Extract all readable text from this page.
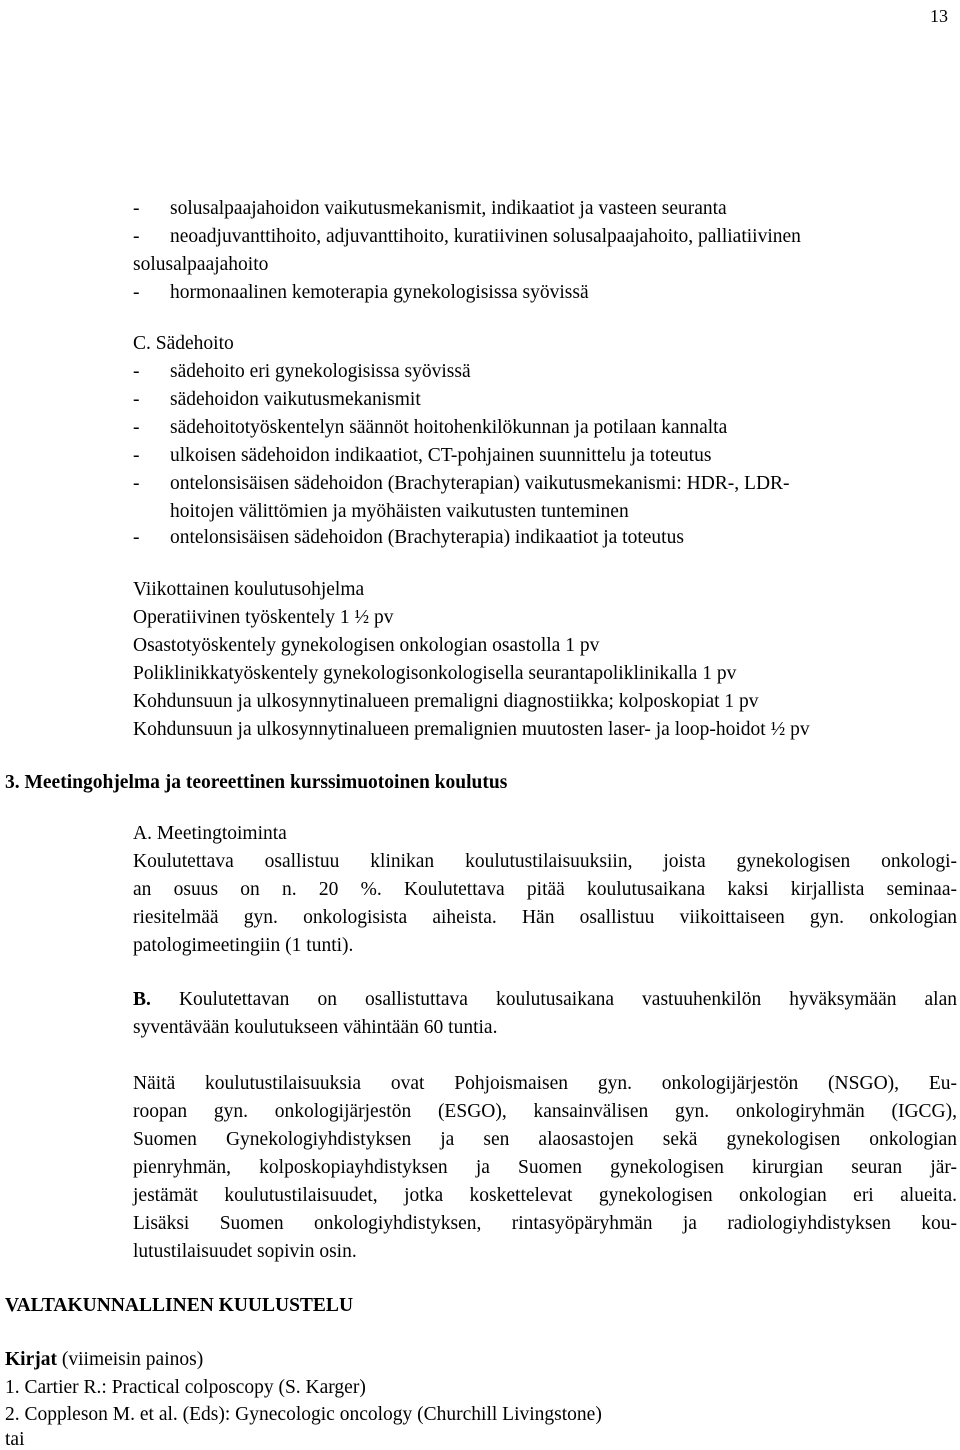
13
- solusalpaajahoidon vaikutusmekanismit, indikaatiot ja vasteen seuranta
- neoadjuvanttihoito, adjuvanttihoito, kuratiivinen solusalpaajahoito, palliatiivinen
solusalpaajahoito
- hormonaalinen kemoterapia gynekologisissa syövissä
C. Sädehoito
- sädehoito eri gynekologisissa syövissä
- sädehoidon vaikutusmekanismit
- sädehoitotyöskentelyn säännöt hoitohenkilökunnan ja potilaan kannalta
- ulkoisen sädehoidon indikaatiot, CT-pohjainen suunnittelu ja toteutus
- ontelonsisäisen sädehoidon (Brachyterapian) vaikutusmekanismi: HDR-, LDR-
hoitojen välittömien ja myöhäisten vaikutusten tunteminen
- ontelonsisäisen sädehoidon (Brachyterapia) indikaatiot ja toteutus
Viikottainen koulutusohjelma
Operatiivinen työskentely 1 ½ pv
Osastotyöskentely gynekologisen onkologian osastolla 1 pv
Poliklinikkatyöskentely gynekologisonkologisella seurantapoliklinikalla 1 pv
Kohdunsuun ja ulkosynnytinalueen premaligni diagnostiikka; kolposkopiat 1 pv
Kohdunsuun ja ulkosynnytinalueen premalignien muutosten laser- ja loop-hoidot ½ pv
3. Meetingohjelma ja teoreettinen kurssimuotoinen koulutus
A. Meetingtoiminta
Koulutettava osallistuu klinikan koulutustilaisuuksiin, joista gynekologisen onkologi-
an osuus on n. 20 %. Koulutettava pitää koulutusaikana kaksi kirjallista seminaa-
riesitelmää gyn. onkologisista aiheista. Hän osallistuu viikoittaiseen gyn. onkologian
patologimeetingiin (1 tunti).
B. Koulutettavan on osallistuttava koulutusaikana vastuuhenkilön hyväksymään alan
syventävään koulutukseen vähintään 60 tuntia.
Näitä koulutustilaisuuksia ovat Pohjoismaisen gyn. onkologijärjestön (NSGO), Eu-
roopan gyn. onkologijärjestön (ESGO), kansainvälisen gyn. onkologiryhmän (IGCG),
Suomen Gynekologiyhdistyksen ja sen alaosastojen sekä gynekologisen onkologian
pienryhmän, kolposkopiayhdistyksen ja Suomen gynekologisen kirurgian seuran jär-
jestämät koulutustilaisuudet, jotka koskettelevat gynekologisen onkologian eri alueita.
Lisäksi Suomen onkologiyhdistyksen, rintasyöpäryhmän ja radiologiyhdistyksen kou-
lutustilaisuudet sopivin osin.
VALTAKUNNALLINEN KUULUSTELU
Kirjat (viimeisin painos)
1. Cartier R.: Practical colposcopy (S. Karger)
2. Coppleson M. et al. (Eds): Gynecologic oncology (Churchill Livingstone)
tai
